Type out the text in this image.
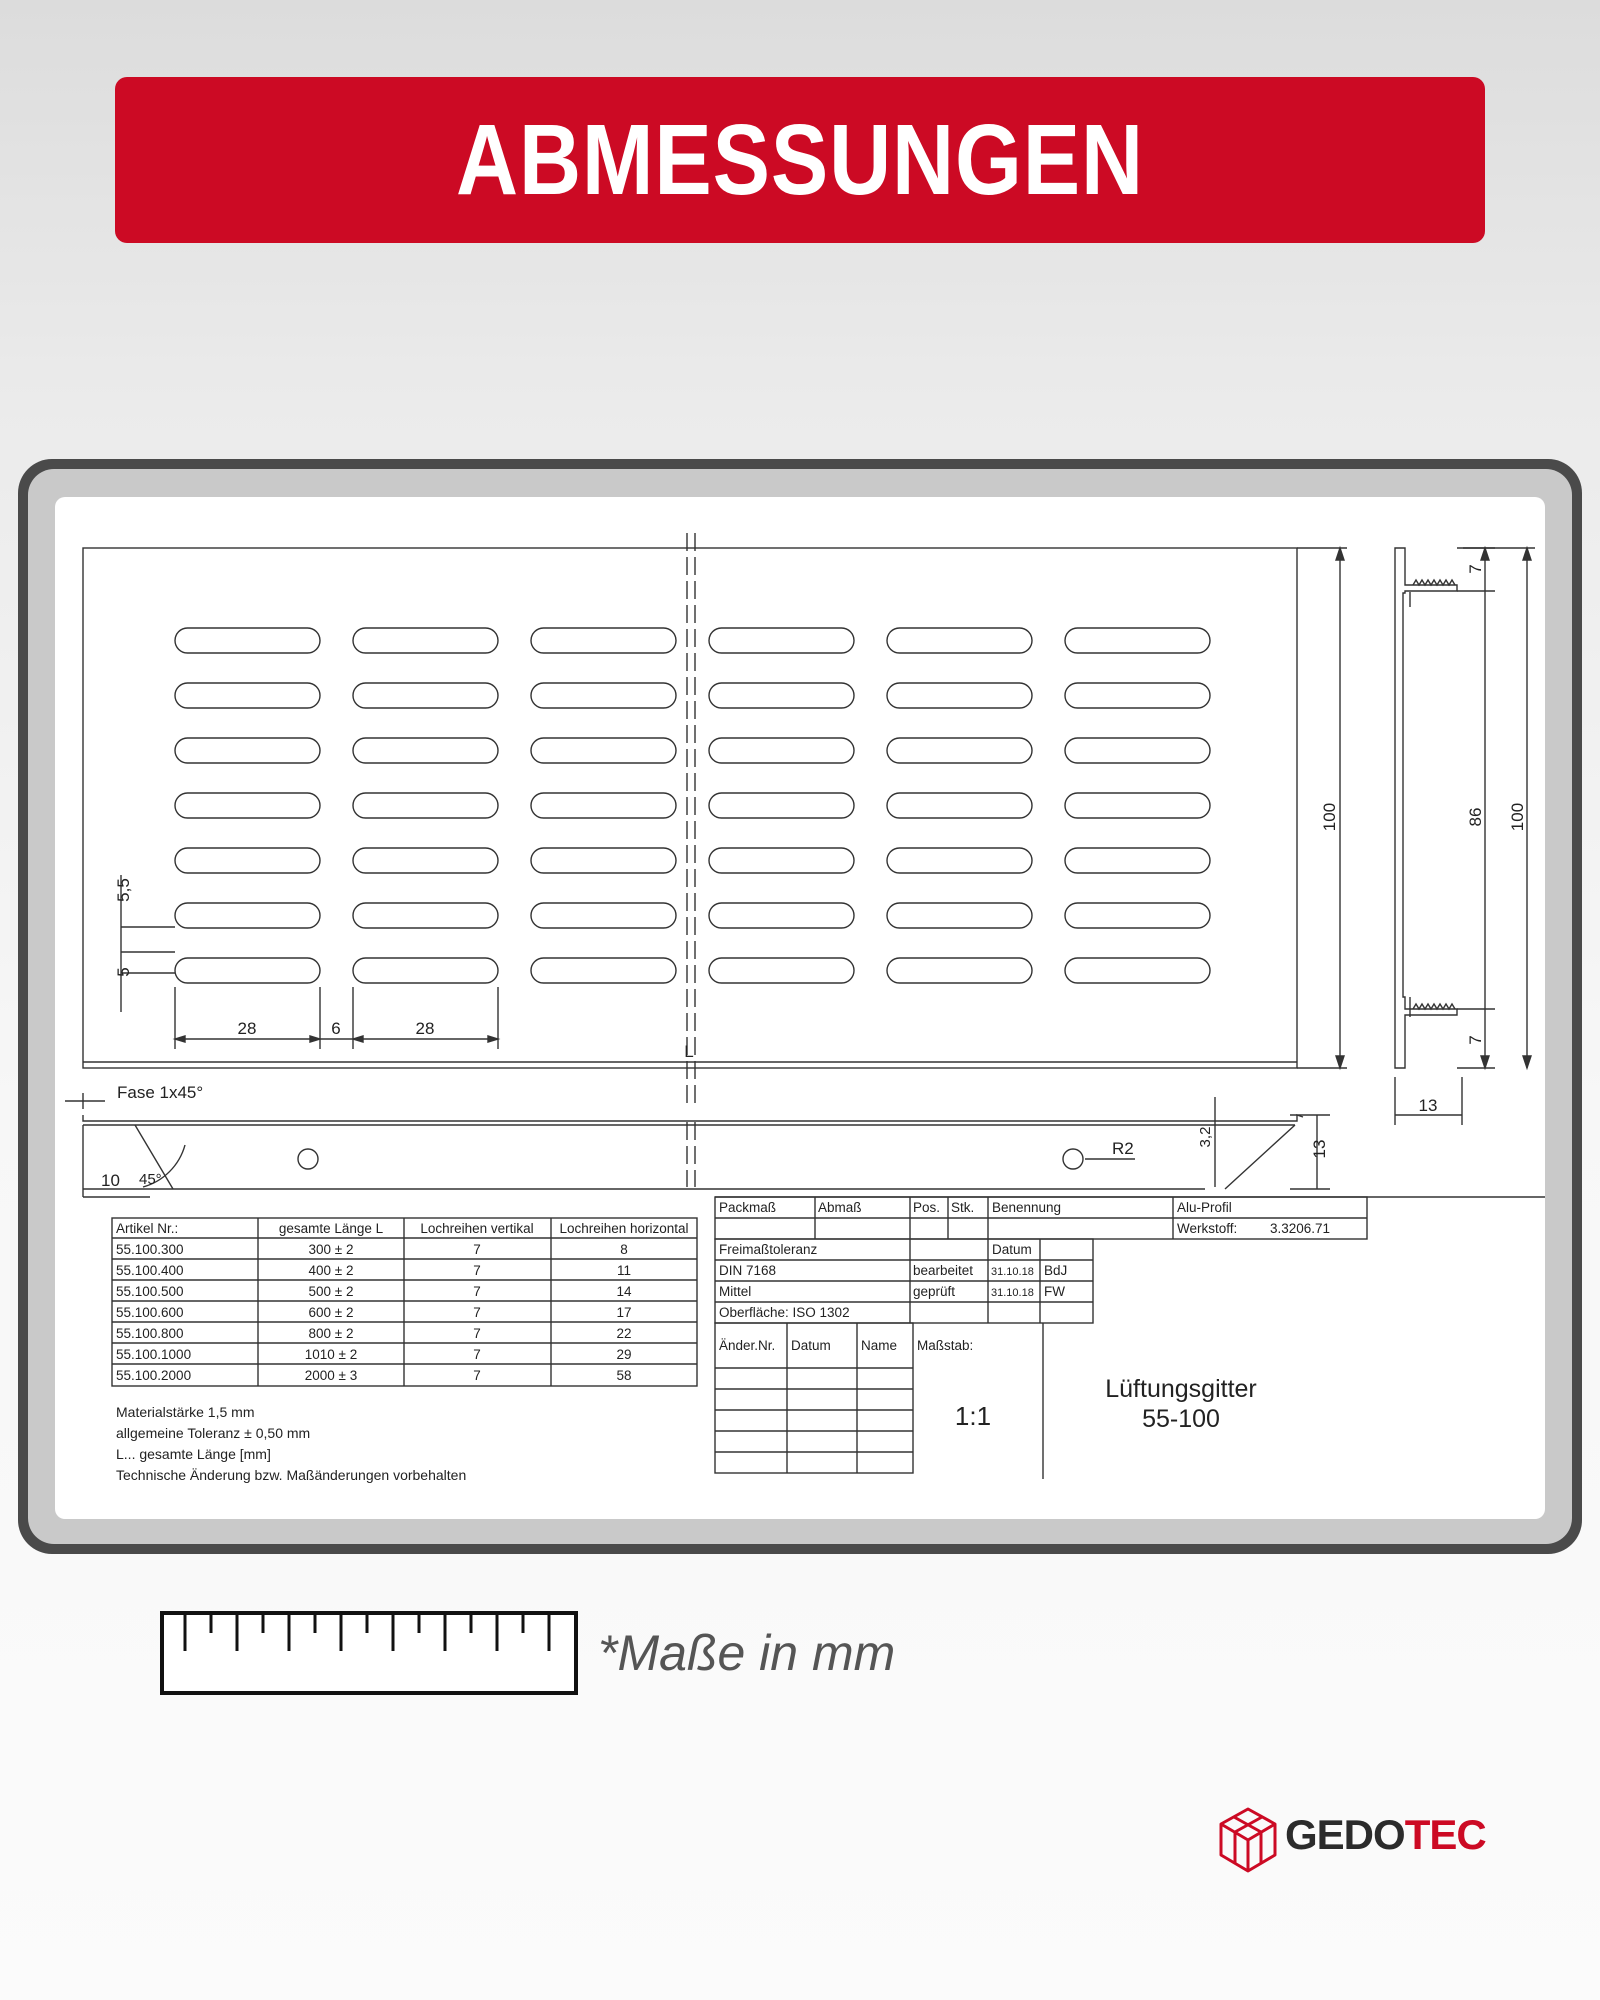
ABMESSUNGEN
100
5,5
5
28	6	28
L
Fase 1x45°
10 45°
R2
3,2
13
7
86 100
7
13
Artikel Nr.:	gesamte Länge L	Lochreihen vertikal Lochreihen horizontal
55.100.300	300 ± 2	7	8
55.100.400	400 ± 2	7	11
55.100.500	500 ± 2	7	14
55.100.600	600 ± 2	7	17
55.100.800	800 ± 2	7	22
55.100.1000	1010 ± 2	7	29
55.100.2000	2000 ± 3	7	58
Materialstärke 1,5 mm
allgemeine Toleranz ± 0,50 mm
L... gesamte Länge [mm]
Technische Änderung bzw. Maßänderungen vorbehalten
Packmaß	Abmaß	Pos. Stk. Benennung	Alu-Profil
Werkstoff: 3.3206.71
Freimaßtoleranz	Datum
DIN 7168	bearbeitet 31.10.18 BdJ
Mittel	geprüft	31.10.18 FW
Oberfläche: ISO 1302
Änder.Nr. Datum Name Maßstab:
1:1
Lüftungsgitter
55-100
*Maße in mm
GEDOTEC
